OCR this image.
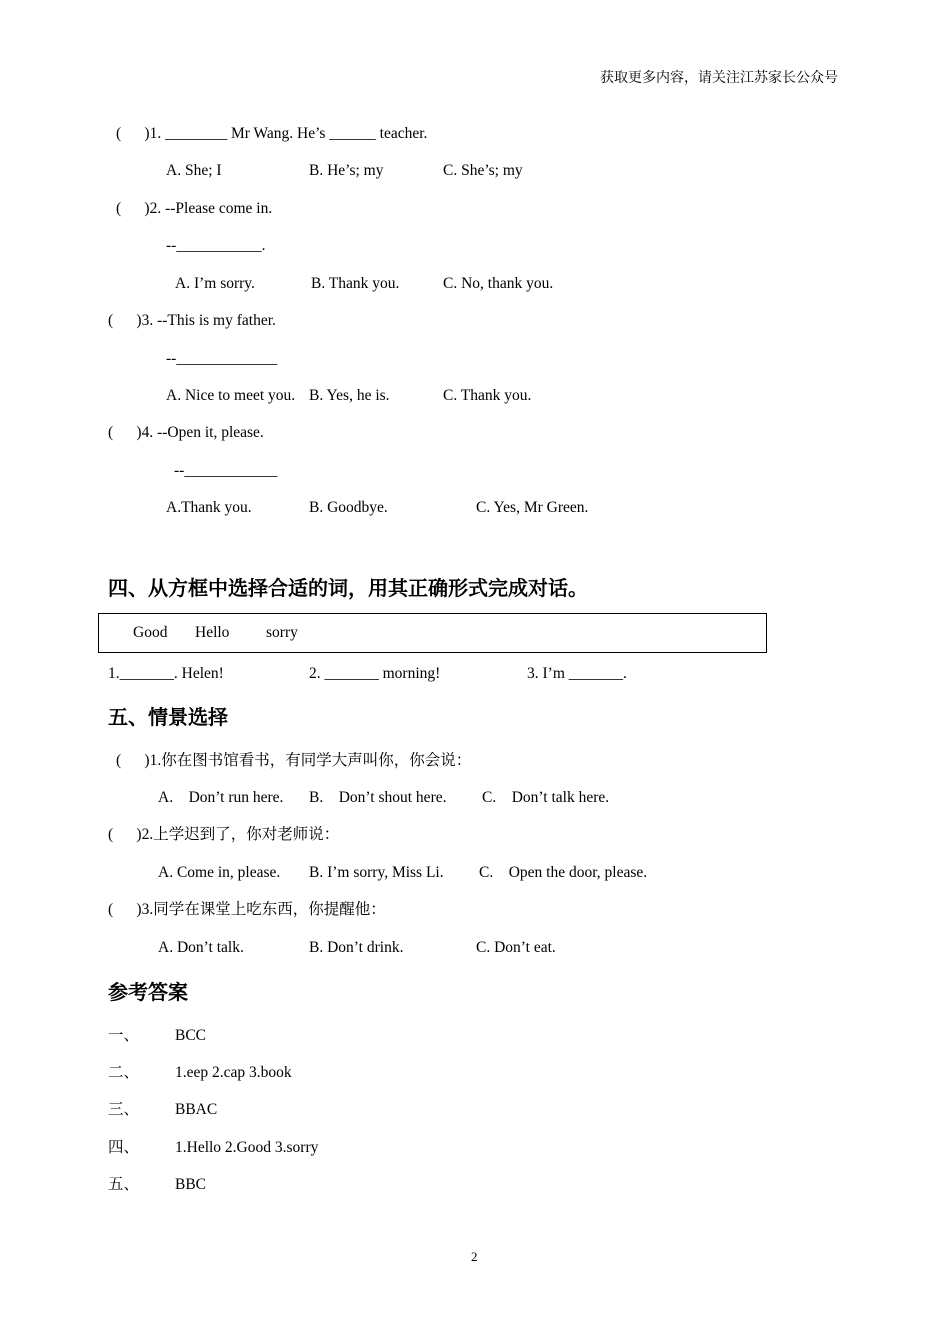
获取更多内容，请关注江苏家长公众号
(      )1. ________ Mr Wang. He’s ______ teacher.
A. She; I	B. He’s; my	C. She’s; my
(      )2. --Please come in.
--___________.
A. I’m sorry.	B. Thank you.	C. No, thank you.
(      )3. --This is my father.
--_____________
A. Nice to meet you. B. Yes, he is.	C. Thank you.
(      )4. --Open it, please.
--____________
A.Thank you.	B. Goodbye.	C. Yes, Mr Green.
四、从方框中选择合适的词，用其正确形式完成对话。
Good Hello sorry
1._______. Helen!	2. _______ morning!	3. I’m _______.
五、情景选择
(      )1.你在图书馆看书，有同学大声叫你，你会说：
A.    Don’t run here. B.    Don’t shout here. C.    Don’t talk here.
(      )2.上学迟到了，你对老师说：
A. Come in, please. B. I’m sorry, Miss Li. C.    Open the door, please.
(      )3.同学在课堂上吃东西，你提醒他：
A. Don’t talk.	B. Don’t drink.	C. Don’t eat.
参考答案
一、 BCC
二、 1.eep 2.cap 3.book
三、 BBAC
四、 1.Hello 2.Good 3.sorry
五、 BBC
2
